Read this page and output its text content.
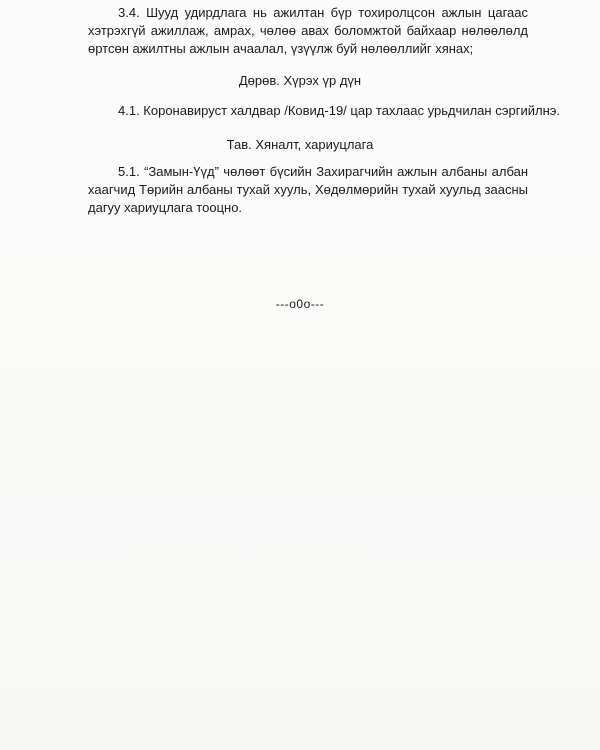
3.4. Шууд удирдлага нь ажилтан бүр тохиролцсон ажлын цагаас хэтрэхгүй ажиллаж, амрах, чөлөө авах боломжтой байхаар нөлөөлөлд өртсөн ажилтны ажлын ачаалал, үзүүлж буй нөлөөллийг хянах;

Дөрөв. Хүрэх үр дүн

4.1. Коронавируст халдвар /Ковид-19/ цар тахлаас урьдчилан сэргийлнэ.

Тав. Хяналт, хариуцлага

5.1. “Замын-Үүд” чөлөөт бүсийн Захирагчийн ажлын албаны албан хаагчид Төрийн албаны тухай хууль, Хөдөлмөрийн тухай хуульд заасны дагуу хариуцлага тооцно.

---o0o---
